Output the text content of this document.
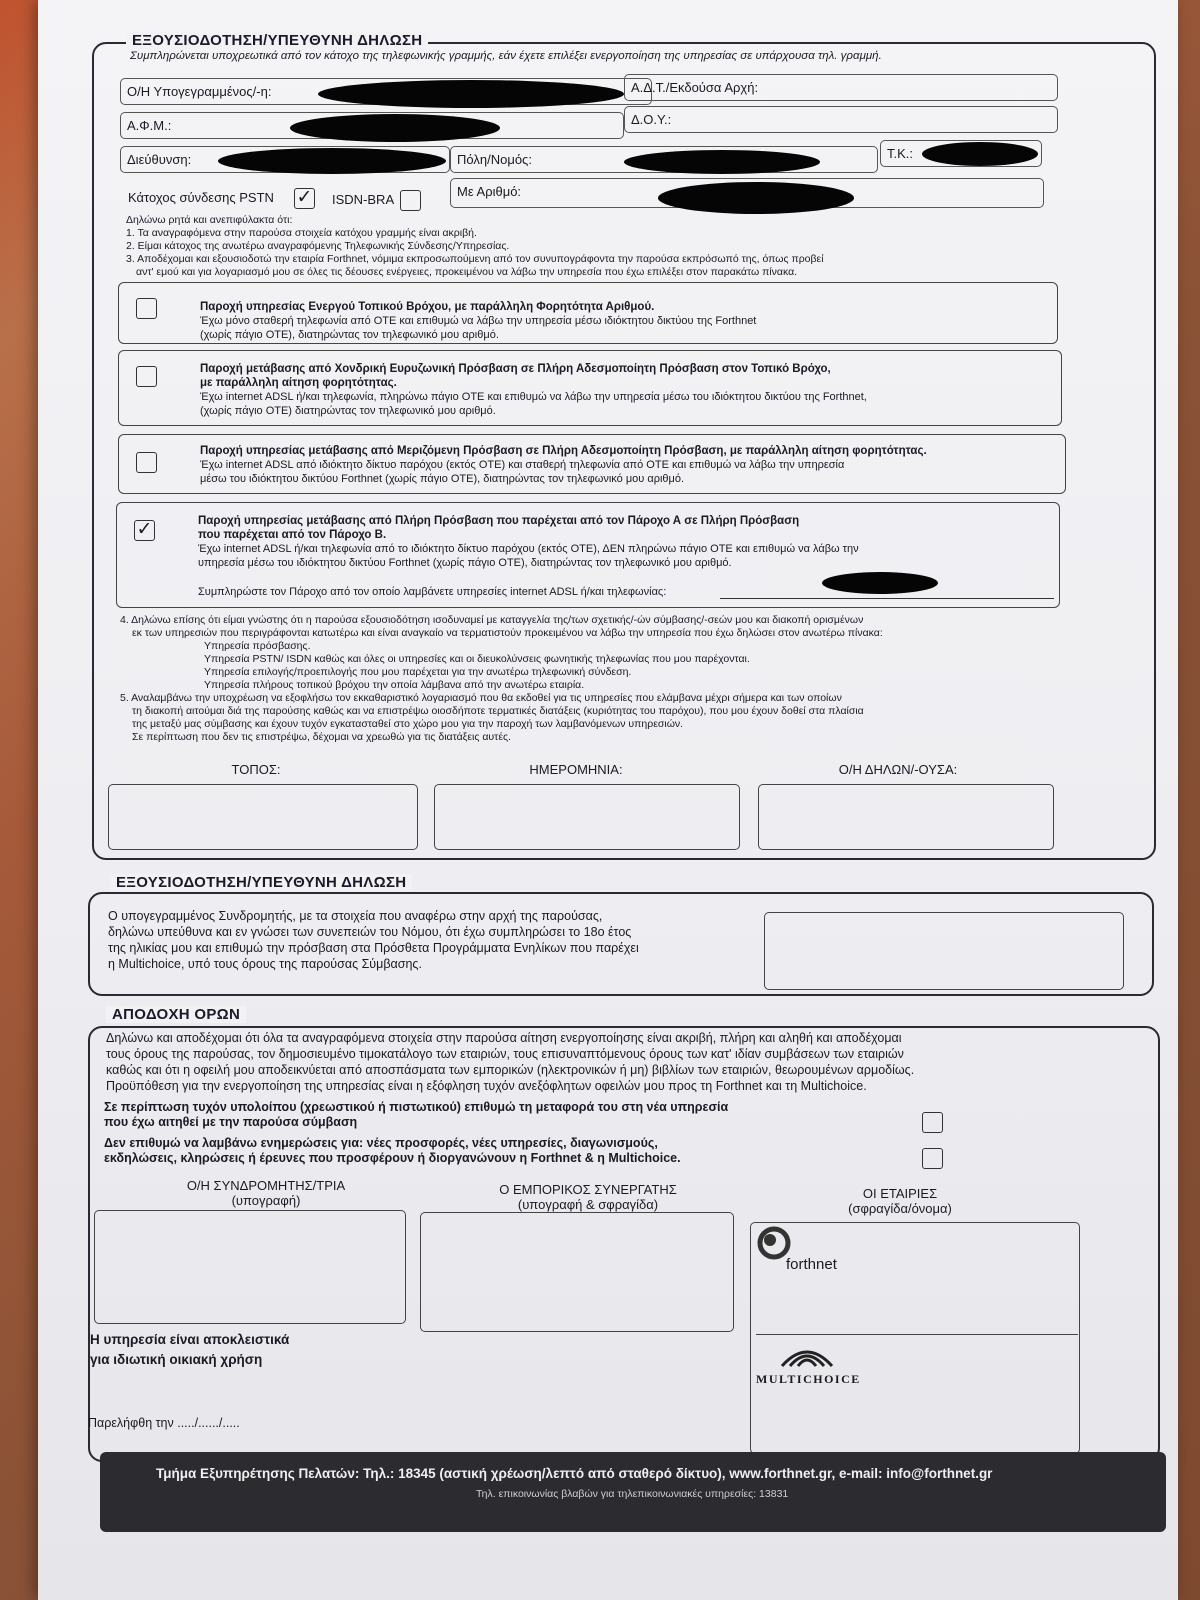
ΕΞΟΥΣΙΟΔΟΤΗΣΗ/ΥΠΕΥΘΥΝΗ ΔΗΛΩΣΗ
Συμπληρώνεται υποχρεωτικά από τον κάτοχο της τηλεφωνικής γραμμής, εάν έχετε επιλέξει ενεργοποίηση της υπηρεσίας σε υπάρχουσα τηλ. γραμμή.
Ο/Η Υπογεγραμμένος/-η:	Α.Δ.Τ./Εκδούσα Αρχή:
Α.Φ.Μ.:	Δ.Ο.Υ.:
Διεύθυνση:	Πόλη/Νομός:	Τ.Κ.:
Κάτοχος σύνδεσης PSTN ✓ ISDN-BRA
Με Αριθμό:
Δηλώνω ρητά και ανεπιφύλακτα ότι:
1. Τα αναγραφόμενα στην παρούσα στοιχεία κατόχου γραμμής είναι ακριβή.
2. Είμαι κάτοχος της ανωτέρω αναγραφόμενης Τηλεφωνικής Σύνδεσης/Υπηρεσίας.
3. Αποδέχομαι και εξουσιοδοτώ την εταιρία Forthnet, νόμιμα εκπροσωπούμενη από τον συνυπογράφοντα την παρούσα εκπρόσωπό της, όπως προβεί
αντ' εμού και για λογαριασμό μου σε όλες τις δέουσες ενέργειες, προκειμένου να λάβω την υπηρεσία που έχω επιλέξει στον παρακάτω πίνακα.
Παροχή υπηρεσίας Ενεργού Τοπικού Βρόχου, με παράλληλη Φορητότητα Αριθμού.
Έχω μόνο σταθερή τηλεφωνία από ΟΤΕ και επιθυμώ να λάβω την υπηρεσία μέσω ιδιόκτητου δικτύου της Forthnet
(χωρίς πάγιο ΟΤΕ), διατηρώντας τον τηλεφωνικό μου αριθμό.
Παροχή μετάβασης από Χονδρική Ευρυζωνική Πρόσβαση σε Πλήρη Αδεσμοποίητη Πρόσβαση στον Τοπικό Βρόχο,
με παράλληλη αίτηση φορητότητας.
Έχω internet ADSL ή/και τηλεφωνία, πληρώνω πάγιο ΟΤΕ και επιθυμώ να λάβω την υπηρεσία μέσω του ιδιόκτητου δικτύου της Forthnet,
(χωρίς πάγιο ΟΤΕ) διατηρώντας τον τηλεφωνικό μου αριθμό.
Παροχή υπηρεσίας μετάβασης από Μεριζόμενη Πρόσβαση σε Πλήρη Αδεσμοποίητη Πρόσβαση, με παράλληλη αίτηση φορητότητας.
Έχω internet ADSL από ιδιόκτητο δίκτυο παρόχου (εκτός ΟΤΕ) και σταθερή τηλεφωνία από ΟΤΕ και επιθυμώ να λάβω την υπηρεσία
μέσω του ιδιόκτητου δικτύου Forthnet (χωρίς πάγιο ΟΤΕ), διατηρώντας τον τηλεφωνικό μου αριθμό.
✓	Παροχή υπηρεσίας μετάβασης από Πλήρη Πρόσβαση που παρέχεται από τον Πάροχο Α σε Πλήρη Πρόσβαση
που παρέχεται από τον Πάροχο Β.
Έχω internet ADSL ή/και τηλεφωνία από το ιδιόκτητο δίκτυο παρόχου (εκτός ΟΤΕ), ΔΕΝ πληρώνω πάγιο ΟΤΕ και επιθυμώ να λάβω την
υπηρεσία μέσω του ιδιόκτητου δικτύου Forthnet (χωρίς πάγιο ΟΤΕ), διατηρώντας τον τηλεφωνικό μου αριθμό.
Συμπληρώστε τον Πάροχο από τον οποίο λαμβάνετε υπηρεσίες internet ADSL ή/και τηλεφωνίας:
4. Δηλώνω επίσης ότι είμαι γνώστης ότι η παρούσα εξουσιοδότηση ισοδυναμεί με καταγγελία της/των σχετικής/-ών σύμβασης/-σεών μου και διακοπή ορισμένων
εκ των υπηρεσιών που περιγράφονται κατωτέρω και είναι αναγκαίο να τερματιστούν προκειμένου να λάβω την υπηρεσία που έχω δηλώσει στον ανωτέρω πίνακα:
Υπηρεσία πρόσβασης.
Υπηρεσία PSTN/ ISDN καθώς και όλες οι υπηρεσίες και οι διευκολύνσεις φωνητικής τηλεφωνίας που μου παρέχονται.
Υπηρεσία επιλογής/προεπιλογής που μου παρέχεται για την ανωτέρω τηλεφωνική σύνδεση.
Υπηρεσία πλήρους τοπικού βρόχου την οποία λάμβανα από την ανωτέρω εταιρία.
5. Αναλαμβάνω την υποχρέωση να εξοφλήσω τον εκκαθαριστικό λογαριασμό που θα εκδοθεί για τις υπηρεσίες που ελάμβανα μέχρι σήμερα και των οποίων
τη διακοπή αιτούμαι διά της παρούσης καθώς και να επιστρέψω οιοσδήποτε τερματικές διατάξεις (κυριότητας του παρόχου), που μου έχουν δοθεί στα πλαίσια
της μεταξύ μας σύμβασης και έχουν τυχόν εγκατασταθεί στο χώρο μου για την παροχή των λαμβανόμενων υπηρεσιών.
Σε περίπτωση που δεν τις επιστρέψω, δέχομαι να χρεωθώ για τις διατάξεις αυτές.
ΤΟΠΟΣ:	ΗΜΕΡΟΜΗΝΙΑ:	Ο/Η ΔΗΛΩΝ/-ΟΥΣΑ:
ΕΞΟΥΣΙΟΔΟΤΗΣΗ/ΥΠΕΥΘΥΝΗ ΔΗΛΩΣΗ
Ο υπογεγραμμένος Συνδρομητής, με τα στοιχεία που αναφέρω στην αρχή της παρούσας,
δηλώνω υπεύθυνα και εν γνώσει των συνεπειών του Νόμου, ότι έχω συμπληρώσει το 18ο έτος
της ηλικίας μου και επιθυμώ την πρόσβαση στα Πρόσθετα Προγράμματα Ενηλίκων που παρέχει
η Multichoice, υπό τους όρους της παρούσας Σύμβασης.
ΑΠΟΔΟΧΗ ΟΡΩΝ
Δηλώνω και αποδέχομαι ότι όλα τα αναγραφόμενα στοιχεία στην παρούσα αίτηση ενεργοποίησης είναι ακριβή, πλήρη και αληθή και αποδέχομαι
τους όρους της παρούσας, τον δημοσιευμένο τιμοκατάλογο των εταιριών, τους επισυναπτόμενους όρους των κατ' ιδίαν συμβάσεων των εταιριών
καθώς και ότι η οφειλή μου αποδεικνύεται από αποσπάσματα των εμπορικών (ηλεκτρονικών ή μη) βιβλίων των εταιριών, θεωρουμένων αρμοδίως.
Προϋπόθεση για την ενεργοποίηση της υπηρεσίας είναι η εξόφληση τυχόν ανεξόφλητων οφειλών μου προς τη Forthnet και τη Multichoice.
Σε περίπτωση τυχόν υπολοίπου (χρεωστικού ή πιστωτικού) επιθυμώ τη μεταφορά του στη νέα υπηρεσία
που έχω αιτηθεί με την παρούσα σύμβαση
Δεν επιθυμώ να λαμβάνω ενημερώσεις για: νέες προσφορές, νέες υπηρεσίες, διαγωνισμούς,
εκδηλώσεις, κληρώσεις ή έρευνες που προσφέρουν ή διοργανώνουν η Forthnet & η Multichoice.
Ο/Η ΣΥΝΔΡΟΜΗΤΗΣ/ΤΡΙΑ
(υπογραφή)
Ο ΕΜΠΟΡΙΚΟΣ ΣΥΝΕΡΓΑΤΗΣ
(υπογραφή & σφραγίδα)
ΟΙ ΕΤΑΙΡΙΕΣ
(σφραγίδα/όνομα)
forthnet
MULTICHOICE
Η υπηρεσία είναι αποκλειστικά
για ιδιωτική οικιακή χρήση
Παρελήφθη την ...../....../.....
Τμήμα Εξυπηρέτησης Πελατών: Τηλ.: 18345 (αστική χρέωση/λεπτό από σταθερό δίκτυο), www.forthnet.gr, e-mail: info@forthnet.gr
Τηλ. επικοινωνίας βλαβών για τηλεπικοινωνιακές υπηρεσίες: 13831
